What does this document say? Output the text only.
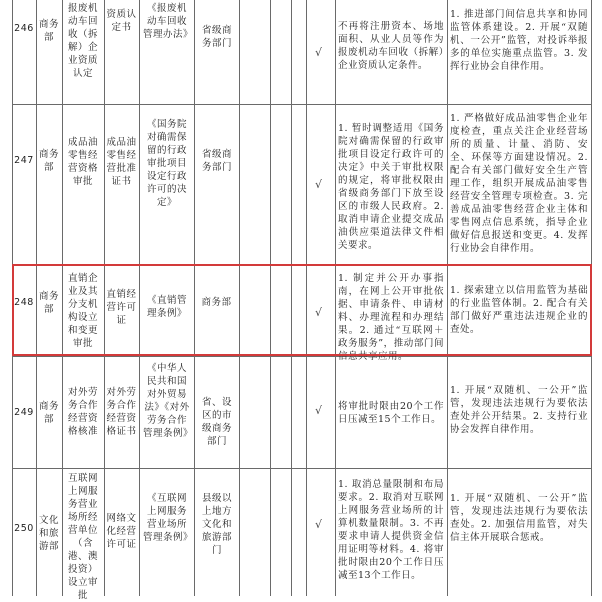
246 商务部
报废机动车回收（拆解）企业资质认定
资质认定书
《报废机动车回收管理办法》 省级商务部门
√
不再将注册资本、场地面积、从业人员等作为报废机动车回收（拆解）企业资质认定条件。
1. 推进部门间信息共享和协同监管体系建设。2. 开展“双随机、一公开”监管，对投诉举报多的单位实施重点监管。3. 发挥行业协会自律作用。
247
商务部
成品油零售经营资格审批
成品油零售经营批准证书
《国务院对确需保留的行政审批项目设定行政许可的决定》
省级商务部门
√
1. 暂时调整适用《国务院对确需保留的行政审批项目设定行政许可的决定》中关于审批权限的规定，将审批权限由省级商务部门下放至设区的市级人民政府。2. 取消申请企业提交成品油供应渠道法律文件相关要求。
1. 严格做好成品油零售企业年度检查，重点关注企业经营场所的质量、计量、消防、安全、环保等方面建设情况。2. 配合有关部门做好安全生产管理工作，组织开展成品油零售经营安全管理专项检查。3. 完善成品油零售经营企业主体和零售网点信息系统，指导企业做好信息报送和变更。4. 发挥行业协会自律作用。
248
商务部
直销企业及其分支机构设立和变更审批
直销经营许可证
《直销管理条例》
商务部
√
1. 制定并公开办事指南，在网上公开审批依据、申请条件、申请材料、办理流程和办理结果。2. 通过“互联网＋政务服务”，推动部门间信息共享应用。
1. 探索建立以信用监管为基础的行业监管体制。2. 配合有关部门做好严重违法违规企业的查处。
249
商务部
对外劳务合作经营资格核准
对外劳务合作经营资格证书
《中华人民共和国对外贸易法》《对外劳务合作管理条例》
省、设区的市级商务部门
√ 将审批时限由20个工作日压减至15个工作日。
1. 开展“双随机、一公开”监管，发现违法违规行为要依法查处并公开结果。2. 支持行业协会发挥自律作用。
250
文化和旅游部
互联网上网服务营业场所经营单位（含港、澳投资）设立审批
网络文化经营许可证
《互联网上网服务营业场所管理条例》
县级以上地方文化和旅游部门
√
1. 取消总量限制和布局要求。2. 取消对互联网上网服务营业场所的计算机数量限制。3. 不再要求申请人提供资金信用证明等材料。4. 将审批时限由20个工作日压减至13个工作日。
1. 开展“双随机、一公开”监管，发现违法违规行为要依法查处。2. 加强信用监管，对失信主体开展联合惩戒。
